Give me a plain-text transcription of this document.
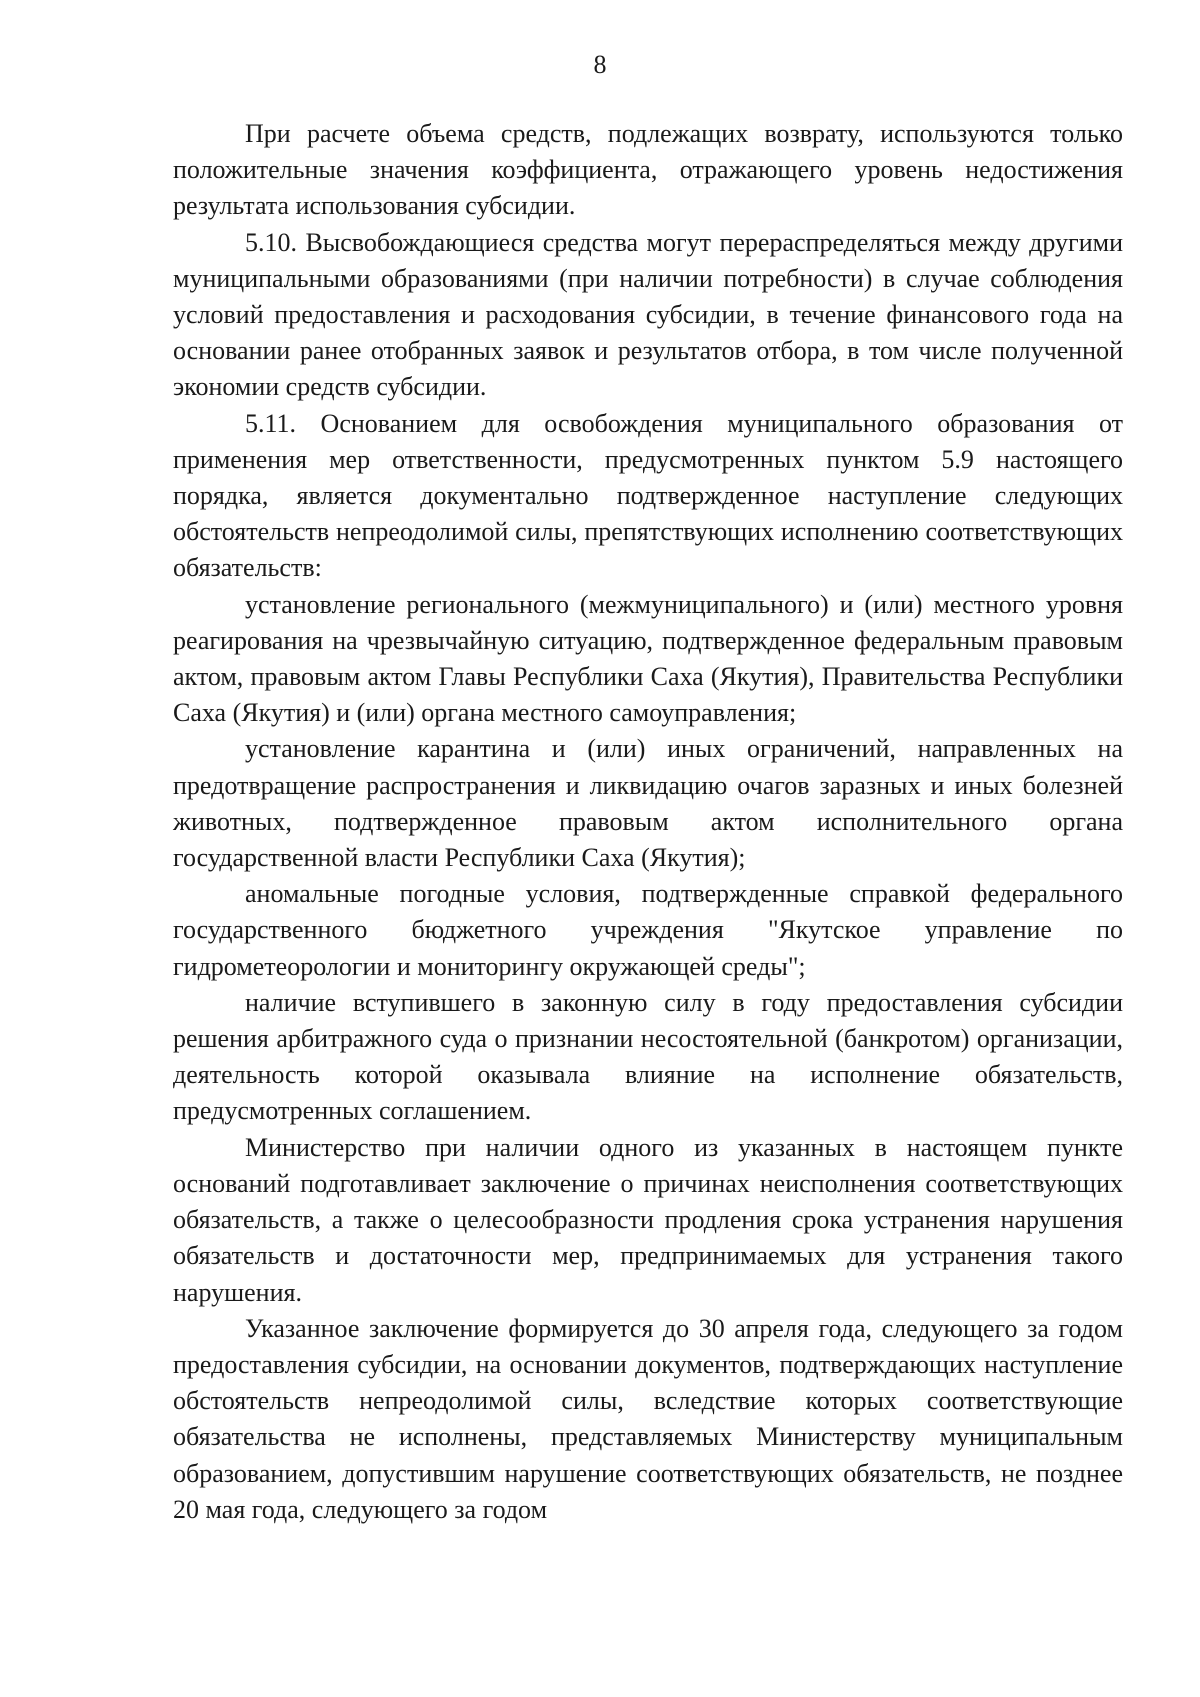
8

При расчете объема средств, подлежащих возврату, используются только положительные значения коэффициента, отражающего уровень недостижения результата использования субсидии.

5.10. Высвобождающиеся средства могут перераспределяться между другими муниципальными образованиями (при наличии потребности) в случае соблюдения условий предоставления и расходования субсидии, в течение финансового года на основании ранее отобранных заявок и результатов отбора, в том числе полученной экономии средств субсидии.

5.11. Основанием для освобождения муниципального образования от применения мер ответственности, предусмотренных пунктом 5.9 настоящего порядка, является документально подтвержденное наступление следующих обстоятельств непреодолимой силы, препятствующих исполнению соответствующих обязательств:

установление регионального (межмуниципального) и (или) местного уровня реагирования на чрезвычайную ситуацию, подтвержденное федеральным правовым актом, правовым актом Главы Республики Саха (Якутия), Правительства Республики Саха (Якутия) и (или) органа местного самоуправления;

установление карантина и (или) иных ограничений, направленных на предотвращение распространения и ликвидацию очагов заразных и иных болезней животных, подтвержденное правовым актом исполнительного органа государственной власти Республики Саха (Якутия);

аномальные погодные условия, подтвержденные справкой федерального государственного бюджетного учреждения "Якутское управление по гидрометеорологии и мониторингу окружающей среды";

наличие вступившего в законную силу в году предоставления субсидии решения арбитражного суда о признании несостоятельной (банкротом) организации, деятельность которой оказывала влияние на исполнение обязательств, предусмотренных соглашением.

Министерство при наличии одного из указанных в настоящем пункте оснований подготавливает заключение о причинах неисполнения соответствующих обязательств, а также о целесообразности продления срока устранения нарушения обязательств и достаточности мер, предпринимаемых для устранения такого нарушения.

Указанное заключение формируется до 30 апреля года, следующего за годом предоставления субсидии, на основании документов, подтверждающих наступление обстоятельств непреодолимой силы, вследствие которых соответствующие обязательства не исполнены, представляемых Министерству муниципальным образованием, допустившим нарушение соответствующих обязательств, не позднее 20 мая года, следующего за годом
